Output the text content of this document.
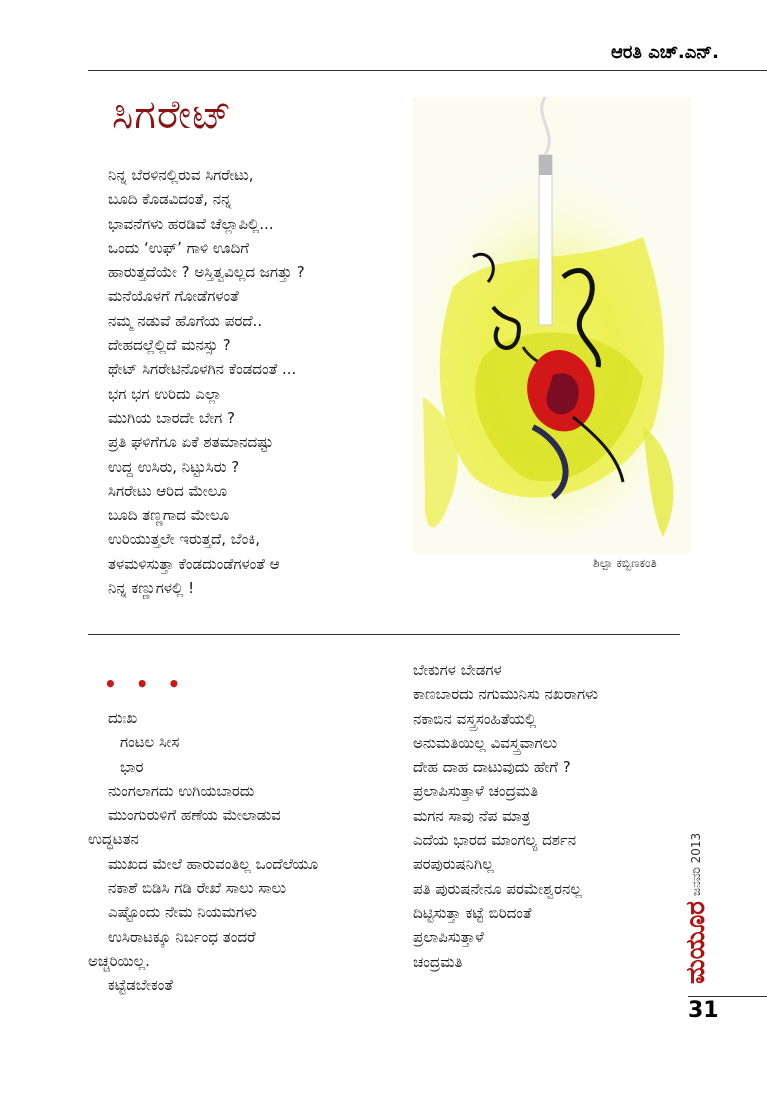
ಆರತಿ ಎಚ್.ಎನ್.
ಸಿಗರೇಟ್
ನಿನ್ನ ಬೆರಳಿನಲ್ಲಿರುವ ಸಿಗರೇಟು,
ಬೂದಿ ಕೊಡವಿದಂತೆ, ನನ್ನ
ಭಾವನೆಗಳು ಹರಡಿವೆ ಚೆಲ್ಲಾಪಿಲ್ಲಿ...
ಒಂದು ‘ಉಫ್’ ಗಾಳಿ ಊದಿಗೆ
ಹಾರುತ್ತದೆಯೇ ? ಅಸ್ತಿತ್ವವಿಲ್ಲದ ಜಗತ್ತು ?
ಮನೆಯೊಳಗೆ ಗೋಡೆಗಳಂತೆ
ನಮ್ಮ ನಡುವೆ ಹೊಗೆಯ ಪರದೆ..
ದೇಹದಲ್ಲೆಲ್ಲಿದೆ ಮನಸ್ಸು ?
ಥೇಟ್ ಸಿಗರೇಟಿನೊಳಗಿನ ಕೆಂಡದಂತೆ ...
ಭಗ ಭಗ ಉರಿದು ಎಲ್ಲಾ
ಮುಗಿಯ ಬಾರದೇ ಬೇಗ ?
ಪ್ರತಿ ಘಳಿಗೆಗೂ ಏಕೆ ಶತಮಾನದಷ್ಟು
ಉದ್ದ ಉಸಿರು, ನಿಟ್ಟುಸಿರು ?
ಸಿಗರೇಟು ಆರಿದ ಮೇಲೂ
ಬೂದಿ ತಣ್ಣಗಾದ ಮೇಲೂ
ಉರಿಯುತ್ತಲೇ ಇರುತ್ತದೆ, ಬೆಂಕಿ,
ತಳಮಳಿಸುತ್ತಾ ಕೆಂಡದುಂಡೆಗಳಂತೆ ಆ
ನಿನ್ನ ಕಣ್ಣುಗಳಲ್ಲಿ !
ಶಿಲ್ಪಾ ಕಬ್ಬಿಣಕಂತಿ
• • •
ದುಃಖ
ಗಂಟಲ ಸೀಸ
ಭಾರ
ನುಂಗಲಾಗದು ಉಗಿಯಬಾರದು
ಮುಂಗುರುಳಿಗೆ ಹಣೆಯ ಮೇಲಾಡುವ
ಉದ್ಧಟತನ
ಮುಖದ ಮೇಲೆ ಹಾರುವಂತಿಲ್ಲ ಒಂದೆಲೆಯೂ
ನಕಾಶೆ ಬಿಡಿಸಿ ಗಡಿ ರೇಖೆ ಸಾಲು ಸಾಲು
ಎಷ್ಟೊಂದು ನೇಮ ನಿಯಮಗಳು
ಉಸಿರಾಟಕ್ಕೂ ನಿರ್ಬಂಧ ತಂದರೆ
ಅಚ್ಚರಿಯಿಲ್ಲ.
ಕಟ್ಟೆಡಬೇಕಂತೆ
ಬೇಕುಗಳ ಬೇಡಗಳ
ಕಾಣಬಾರದು ನಗುಮುನಿಸು ನಖರಾಗಳು
ನಕಾಬಿನ ವಸ್ತ್ರಸಂಹಿತೆಯಲ್ಲಿ
ಅನುಮತಿಯಿಲ್ಲ ವಿವಸ್ತ್ರವಾಗಲು
ದೇಹ ದಾಹ ದಾಟುವುದು ಹೇಗೆ ?
ಪ್ರಲಾಪಿಸುತ್ತಾಳೆ ಚಂದ್ರಮತಿ
ಮಗನ ಸಾವು ನೆಪ ಮಾತ್ರ
ಎದೆಯ ಭಾರದ ಮಾಂಗಲ್ಯ ದರ್ಶನ
ಪರಪುರುಷನಿಗಿಲ್ಲ
ಪತಿ ಪುರುಷನೇನೂ ಪರಮೇಶ್ವರನಲ್ಲ
ದಿಟ್ಟಿಸುತ್ತಾ ಕಟ್ಟೆ ಬಿರಿದಂತೆ
ಪ್ರಲಾಪಿಸುತ್ತಾಳೆ
ಚಂದ್ರಮತಿ	ಮಯೂರ
ಜನವರಿ 2013
31
